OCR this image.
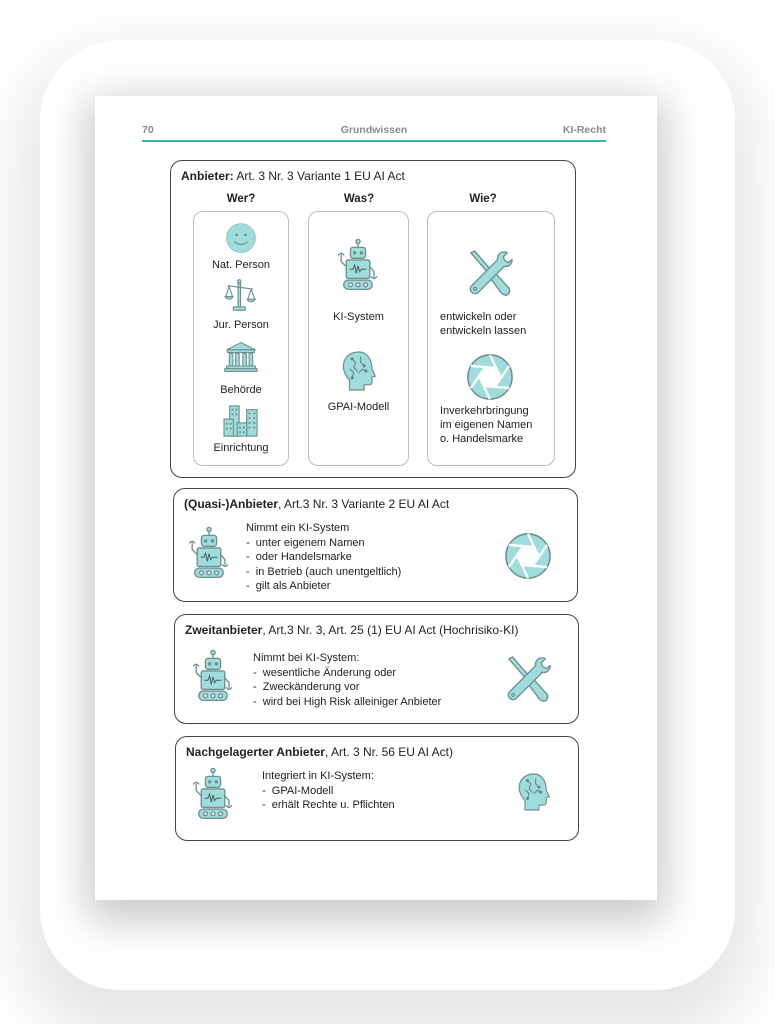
70	Grundwissen	KI-Recht
Anbieter: Art. 3 Nr. 3 Variante 1 EU AI Act
Wer?	Was?	Wie?
Nat. Person
Jur. Person
Behörde
Einrichtung
KI-System
GPAI-Modell
entwickeln oder
entwickeln lassen
Inverkehrbringung
im eigenen Namen
o. Handelsmarke
(Quasi-)Anbieter, Art.3 Nr. 3 Variante 2 EU AI Act
Nimmt ein KI-System
-  unter eigenem Namen
-  oder Handelsmarke
-  in Betrieb (auch unentgeltlich)
-  gilt als Anbieter
Zweitanbieter, Art.3 Nr. 3, Art. 25 (1) EU AI Act (Hochrisiko-KI)
Nimmt bei KI-System:
-  wesentliche Änderung oder
-  Zweckänderung vor
-  wird bei High Risk alleiniger Anbieter
Nachgelagerter Anbieter, Art. 3 Nr. 56 EU AI Act)
Integriert in KI-System:
-  GPAI-Modell
-  erhält Rechte u. Pflichten
